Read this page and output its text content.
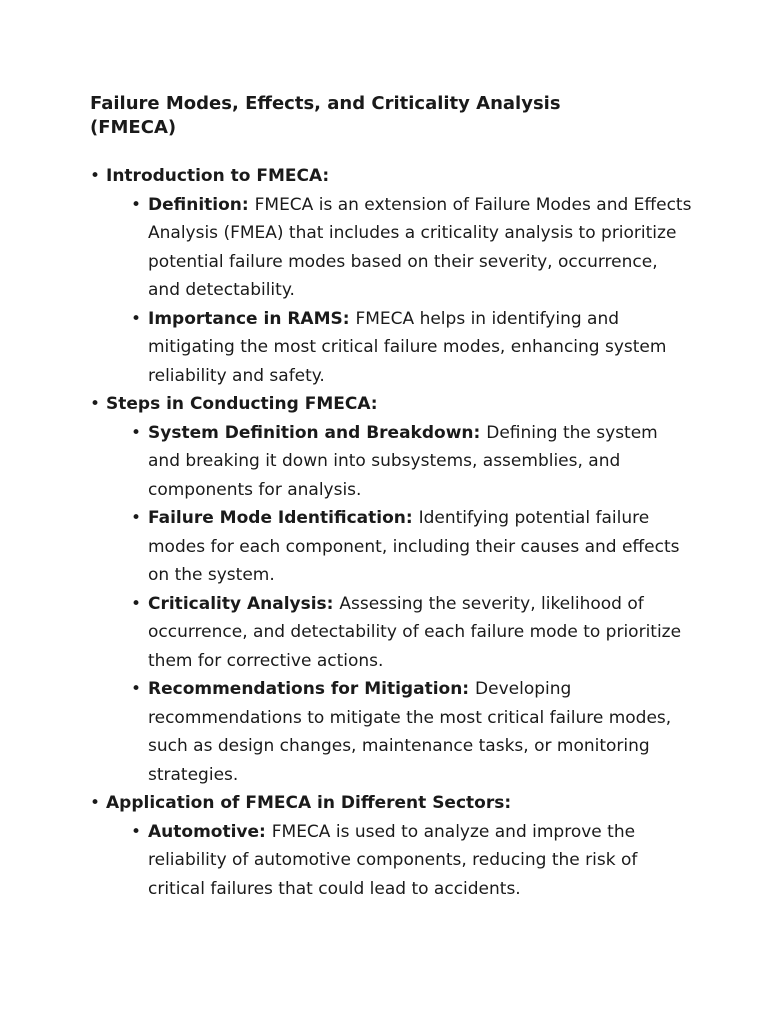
Failure Modes, Effects, and Criticality Analysis (FMECA)
• Introduction to FMECA:
• Definition: FMECA is an extension of Failure Modes and Effects Analysis (FMEA) that includes a criticality analysis to prioritize potential failure modes based on their severity, occurrence, and detectability.
• Importance in RAMS: FMECA helps in identifying and mitigating the most critical failure modes, enhancing system reliability and safety.
• Steps in Conducting FMECA:
• System Definition and Breakdown: Defining the system and breaking it down into subsystems, assemblies, and components for analysis.
• Failure Mode Identification: Identifying potential failure modes for each component, including their causes and effects on the system.
• Criticality Analysis: Assessing the severity, likelihood of occurrence, and detectability of each failure mode to prioritize them for corrective actions.
• Recommendations for Mitigation: Developing recommendations to mitigate the most critical failure modes, such as design changes, maintenance tasks, or monitoring strategies.
• Application of FMECA in Different Sectors:
• Automotive: FMECA is used to analyze and improve the reliability of automotive components, reducing the risk of critical failures that could lead to accidents.
